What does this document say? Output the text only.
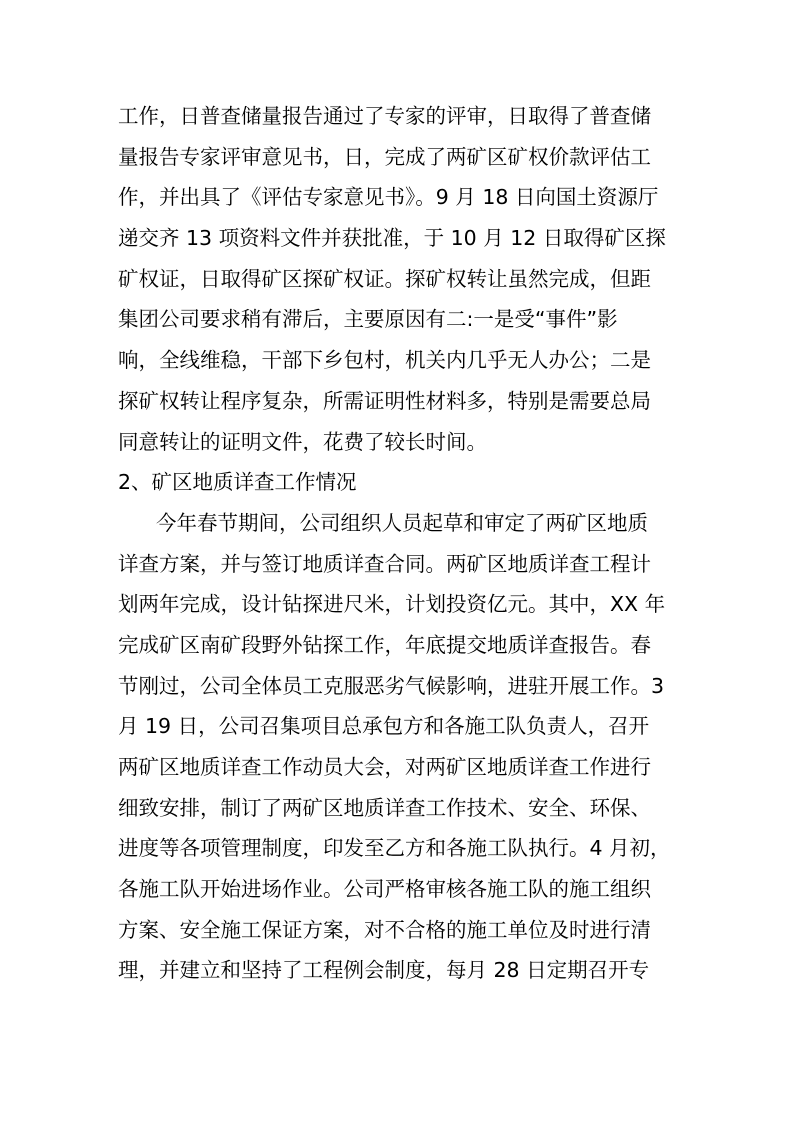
工作，日普查储量报告通过了专家的评审，日取得了普查储
量报告专家评审意见书，日，完成了两矿区矿权价款评估工
作，并出具了《评估专家意见书》。9 月 18 日向国土资源厅
递交齐 13 项资料文件并获批准，于 10 月 12 日取得矿区探
矿权证，日取得矿区探矿权证。探矿权转让虽然完成，但距
集团公司要求稍有滞后，主要原因有二:一是受“事件”影
响，全线维稳，干部下乡包村，机关内几乎无人办公；二是
探矿权转让程序复杂，所需证明性材料多，特别是需要总局
同意转让的证明文件，花费了较长时间。
2、矿区地质详查工作情况
今年春节期间，公司组织人员起草和审定了两矿区地质
详查方案，并与签订地质详查合同。两矿区地质详查工程计
划两年完成，设计钻探进尺米，计划投资亿元。其中，XX 年
完成矿区南矿段野外钻探工作，年底提交地质详查报告。春
节刚过，公司全体员工克服恶劣气候影响，进驻开展工作。3
月 19 日，公司召集项目总承包方和各施工队负责人，召开
两矿区地质详查工作动员大会，对两矿区地质详查工作进行
细致安排，制订了两矿区地质详查工作技术、安全、环保、
进度等各项管理制度，印发至乙方和各施工队执行。4 月初，
各施工队开始进场作业。公司严格审核各施工队的施工组织
方案、安全施工保证方案，对不合格的施工单位及时进行清
理，并建立和坚持了工程例会制度，每月 28 日定期召开专
